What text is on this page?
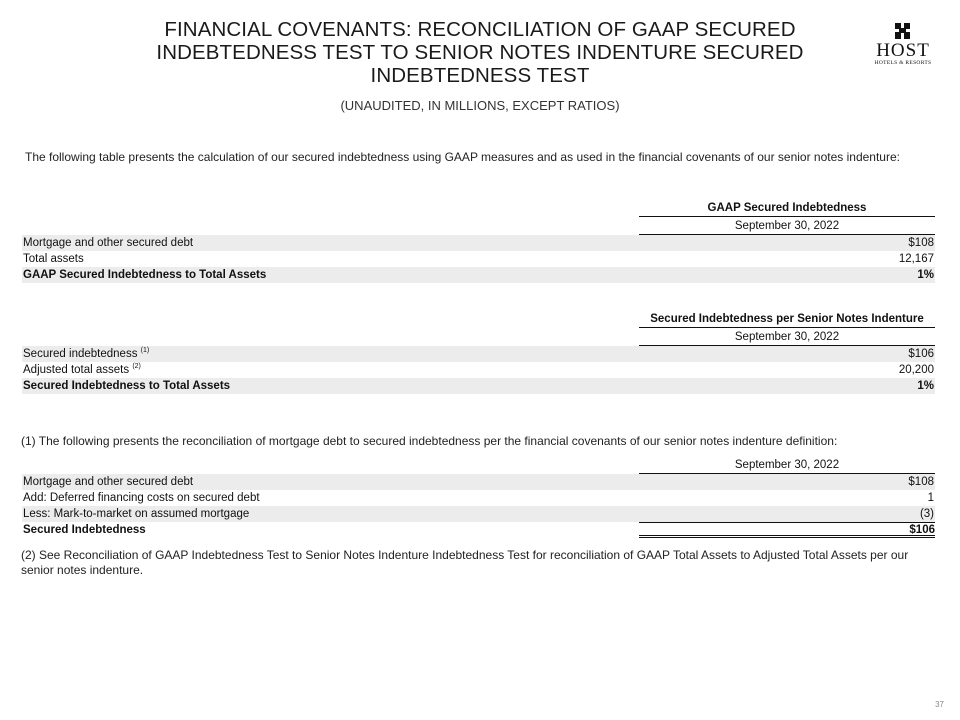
FINANCIAL COVENANTS: RECONCILIATION OF GAAP SECURED INDEBTEDNESS TEST TO SENIOR NOTES INDENTURE SECURED INDEBTEDNESS TEST
(UNAUDITED, IN MILLIONS, EXCEPT RATIOS)
HOST
HOTELS & RESORTS
The following table presents the calculation of our secured indebtedness using GAAP measures and as used in the financial covenants of our senior notes indenture:
GAAP Secured Indebtedness
September 30, 2022
Mortgage and other secured debt	$108
Total assets	12,167
GAAP Secured Indebtedness to Total Assets	1%
Secured Indebtedness per Senior Notes Indenture
September 30, 2022
Secured indebtedness $^{(1)}$	$106
Adjusted total assets $^{(2)}$	20,200
Secured Indebtedness to Total Assets	1%
(1) The following presents the reconciliation of mortgage debt to secured indebtedness per the financial covenants of our senior notes indenture definition:
September 30, 2022
Mortgage and other secured debt	$108
Add: Deferred financing costs on secured debt	1
Less: Mark-to-market on assumed mortgage	(3)
Secured Indebtedness	$106
(2) See Reconciliation of GAAP Indebtedness Test to Senior Notes Indenture Indebtedness Test for reconciliation of GAAP Total Assets to Adjusted Total Assets per our senior notes indenture.
37
